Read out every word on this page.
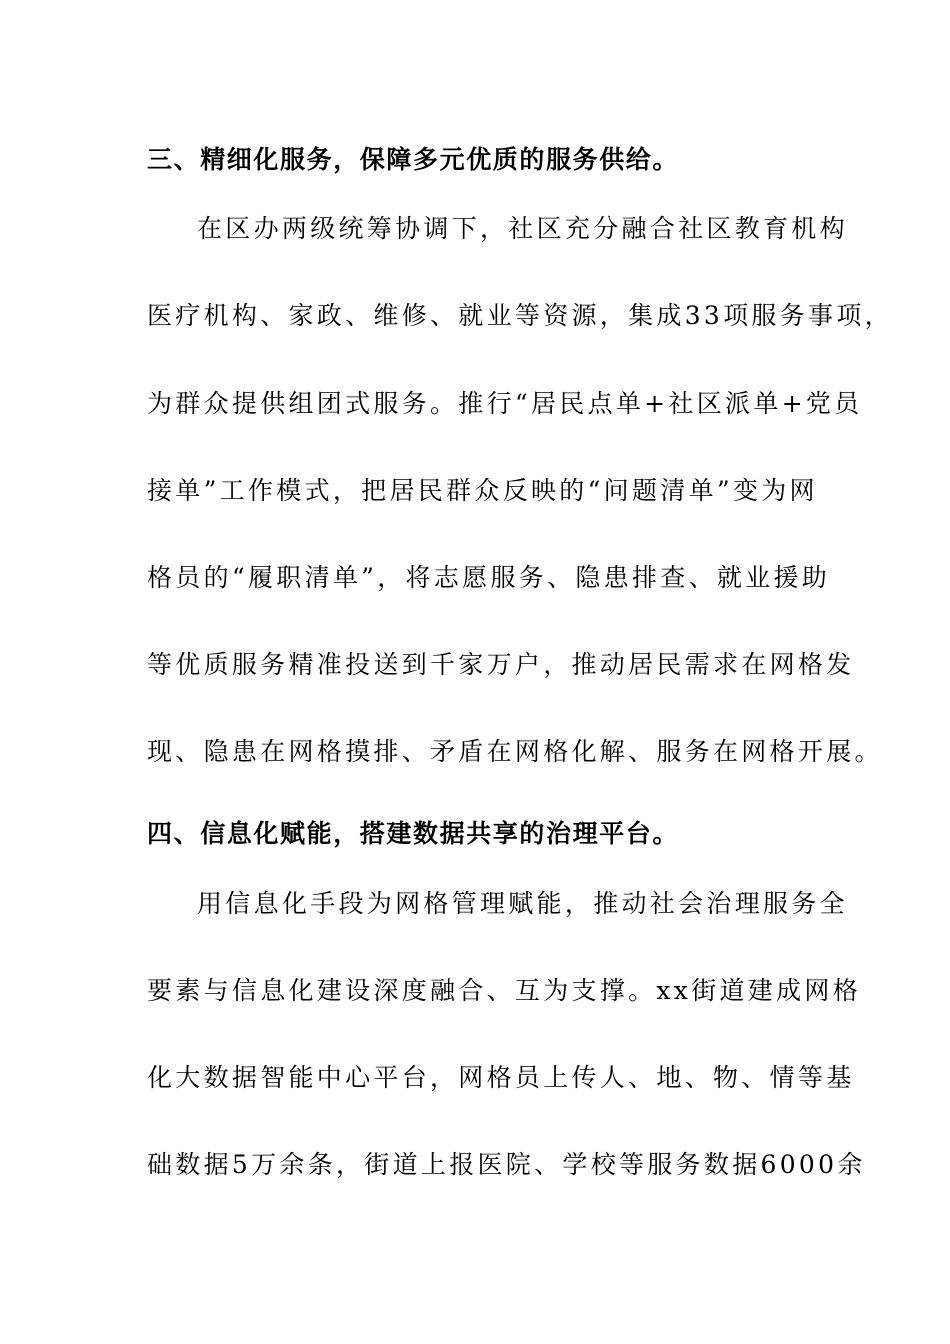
三、精细化服务，保障多元优质的服务供给。
在区办两级统筹协调下，社区充分融合社区教育机构
医疗机构、家政、维修、就业等资源，集成33项服务事项，
为群众提供组团式服务。推行“居民点单+社区派单+党员
接单”工作模式，把居民群众反映的“问题清单”变为网
格员的“履职清单”，将志愿服务、隐患排查、就业援助
等优质服务精准投送到千家万户，推动居民需求在网格发
现、隐患在网格摸排、矛盾在网格化解、服务在网格开展。
四、信息化赋能，搭建数据共享的治理平台。
用信息化手段为网格管理赋能，推动社会治理服务全
要素与信息化建设深度融合、互为支撑。xx街道建成网格
化大数据智能中心平台，网格员上传人、地、物、情等基
础数据5万余条，街道上报医院、学校等服务数据6000余
